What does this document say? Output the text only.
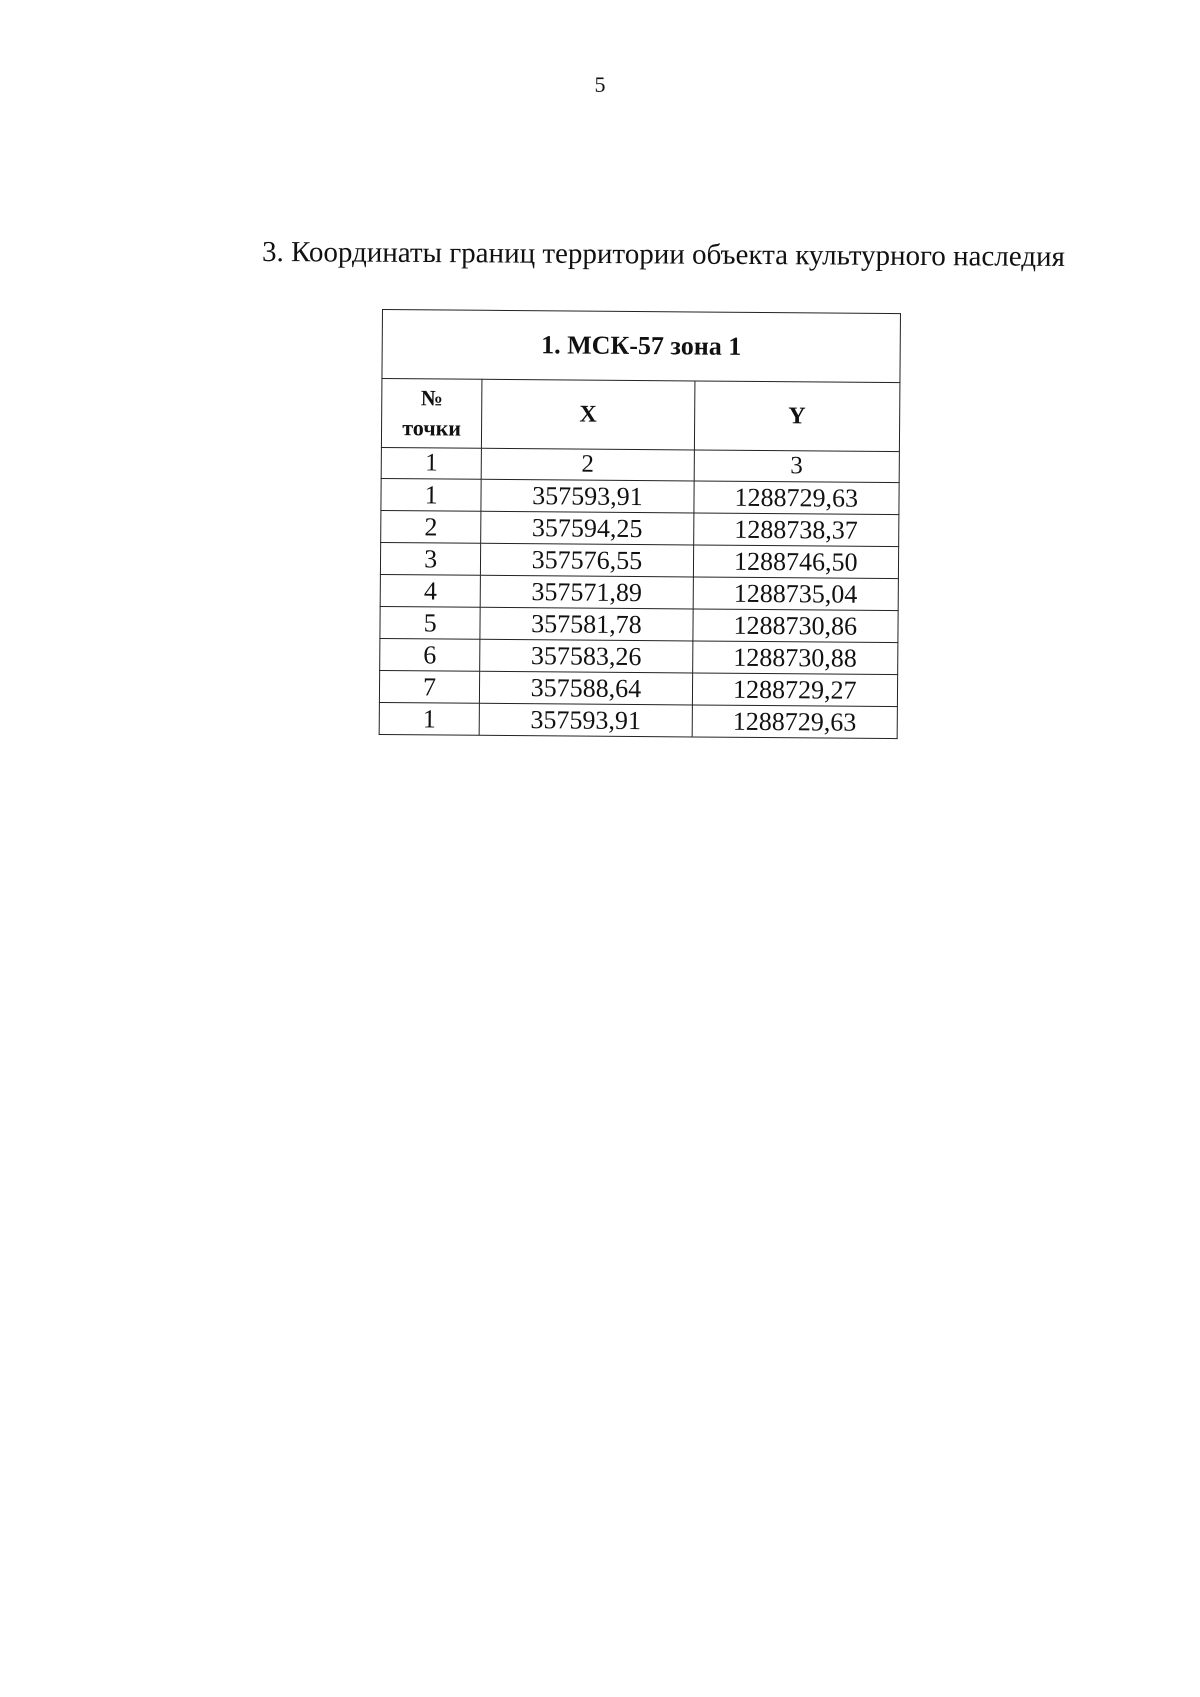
5
3. Координаты границ территории объекта культурного наследия
1. МСК-57 зона 1		

№
точки	X	Y
1	2	3
1	357593,91	1288729,63
2	357594,25	1288738,37
3	357576,55	1288746,50
4	357571,89	1288735,04
5	357581,78	1288730,86
6	357583,26	1288730,88
7	357588,64	1288729,27
1	357593,91	1288729,63
